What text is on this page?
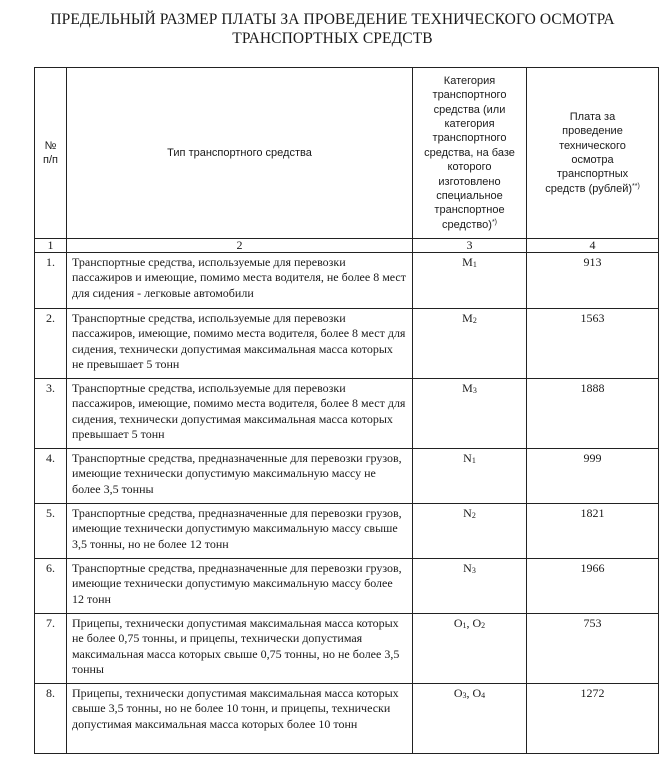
ПРЕДЕЛЬНЫЙ РАЗМЕР ПЛАТЫ ЗА ПРОВЕДЕНИЕ ТЕХНИЧЕСКОГО ОСМОТРА
ТРАНСПОРТНЫХ СРЕДСТВ
№ п/п	Тип транспортного средства	Категория транспортного средства (или категория транспортного средства, на базе которого изготовлено специальное транспортное средство)*)	Плата за проведение технического осмотра транспортных средств (рублей)**)

1	2	3	4
1.	Транспортные средства, используемые для перевозки пассажиров и имеющие, помимо места водителя, не более 8 мест для сидения - легковые автомобили	$M_1$	913
2.	Транспортные средства, используемые для перевозки пассажиров, имеющие, помимо места водителя, более 8 мест для сидения, технически допустимая максимальная масса которых не превышает 5 тонн	$M_2$	1563
3.	Транспортные средства, используемые для перевозки пассажиров, имеющие, помимо места водителя, более 8 мест для сидения, технически допустимая максимальная масса которых превышает 5 тонн	$M_3$	1888
4.	Транспортные средства, предназначенные для перевозки грузов, имеющие технически допустимую максимальную массу не более 3,5 тонны	$N_1$	999
5.	Транспортные средства, предназначенные для перевозки грузов, имеющие технически допустимую максимальную массу свыше 3,5 тонны, но не более 12 тонн	$N_2$	1821
6.	Транспортные средства, предназначенные для перевозки грузов, имеющие технически допустимую максимальную массу более 12 тонн	$N_3$	1966
7.	Прицепы, технически допустимая максимальная масса которых не более 0,75 тонны, и прицепы, технически допустимая максимальная масса которых свыше 0,75 тонны, но не более 3,5 тонны	$O_1$, $O_2$	753
8.	Прицепы, технически допустимая максимальная масса которых свыше 3,5 тонны, но не более 10 тонн, и прицепы, технически допустимая максимальная масса которых более 10 тонн	$O_3$, $O_4$	1272
